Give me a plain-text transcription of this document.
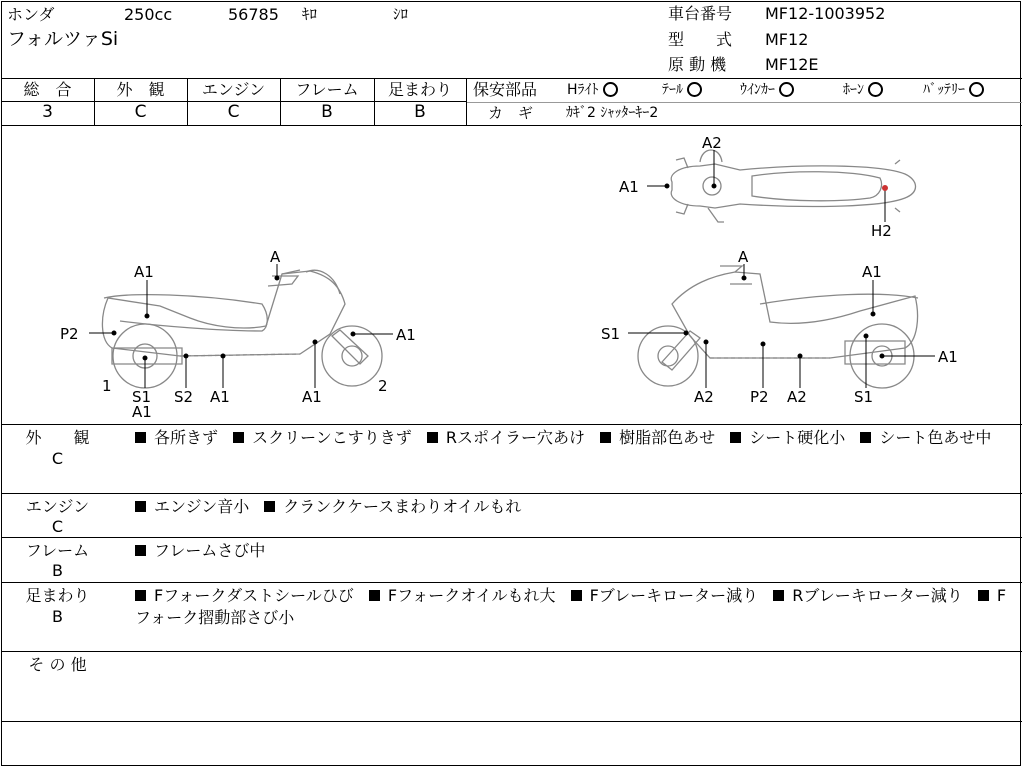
ホンダ	250cc	56785 ｷﾛ	ｼﾛ
フォルツァSi
車台番号 MF12-1003952
型　　式 MF12
原 動 機 MF12E
総　合
3
外　観
C
エンジン
C
フレーム
B
足まわり
B
保安部品 Hﾗｲﾄ	ﾃｰﾙ	ｳｲﾝｶｰ	ﾎｰﾝ	ﾊﾞｯﾃﾘｰ
カ　ギ ｶｷﾞ2 ｼｬｯﾀｰｷｰ2
A2
A1
H2
A
A1
P2	A1
1
S1
A1
S2 A1	A1
2
A
A1
S1
A1
A2 P2 A2	S1
外　　観
C
各所きず スクリーンこすりきず Rスポイラー穴あけ 樹脂部色あせ シート硬化小 シート色あせ中
エンジン
C
エンジン音小 クランクケースまわりオイルもれ
フレーム
B
フレームさび中
足まわり
B
Fフォークダストシールひび Fフォークオイルもれ大 Fブレーキローター減り Rブレーキローター減り Fフォーク摺動部さび小
そ の 他
